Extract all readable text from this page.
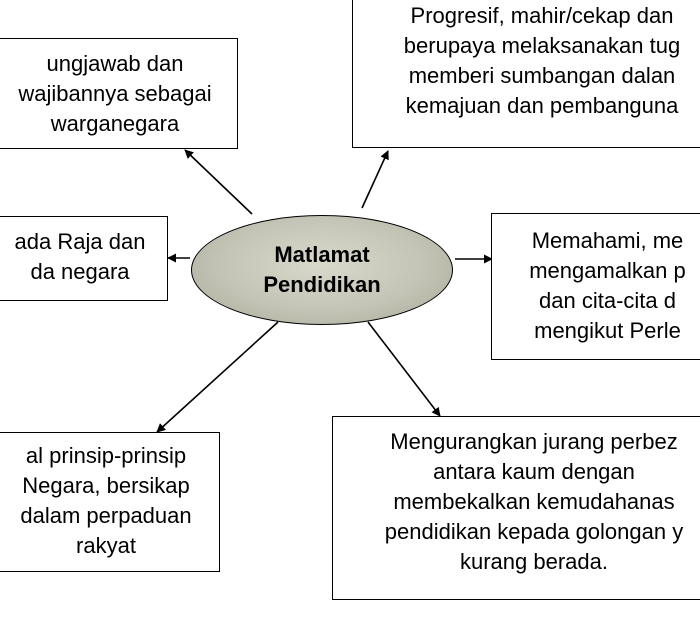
ungjawab dan
wajibannya sebagai
warganegara
Progresif, mahir/cekap dan
berupaya melaksanakan tug
memberi sumbangan dalan
kemajuan dan pembanguna
ada Raja dan
da negara
Memahami, me
mengamalkan p
dan cita-cita d
mengikut Perle
al prinsip-prinsip
Negara, bersikap
dalam perpaduan
rakyat
Mengurangkan jurang perbez
antara kaum dengan
membekalkan kemudahanas
pendidikan kepada golongan y
kurang berada.
Matlamat
Pendidikan
